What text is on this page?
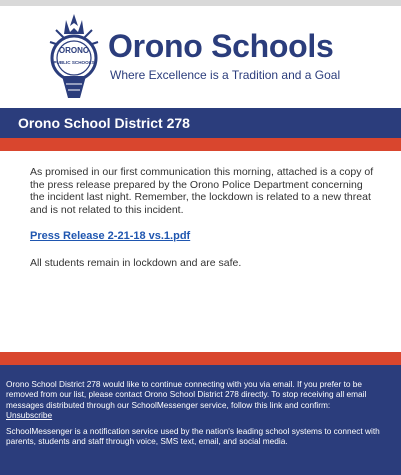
ORONO
PUBLIC SCHOOLS Orono Schools
Where Excellence is a Tradition and a Goal
Orono School District 278

As promised in our first communication this morning, attached is a copy of the press release prepared by the Orono Police Department concerning the incident last night. Remember, the lockdown is related to a new threat and is not related to this incident.

Press Release 2-21-18 vs.1.pdf

All students remain in lockdown and are safe.

Orono School District 278 would like to continue connecting with you via email. If you prefer to be removed from our list, please contact Orono School District 278 directly. To stop receiving all email messages distributed through our SchoolMessenger service, follow this link and confirm:
Unsubscribe

SchoolMessenger is a notification service used by the nation's leading school systems to connect with parents, students and staff through voice, SMS text, email, and social media.
